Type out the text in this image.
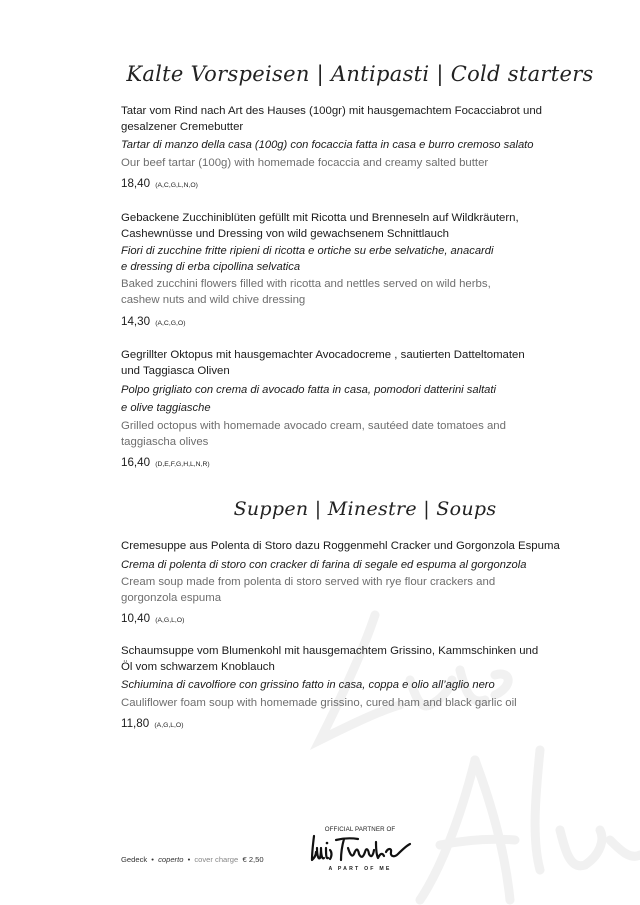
Kalte Vorspeisen | Antipasti | Cold starters
Tatar vom Rind nach Art des Hauses (100gr) mit hausgemachtem Focacciabrot und
gesalzener Cremebutter
Tartar di manzo della casa (100g) con focaccia fatta in casa e burro cremoso salato
Our beef tartar (100g) with homemade focaccia and creamy salted butter
18,40 (A,C,G,L,N,O)
Gebackene Zucchiniblüten gefüllt mit Ricotta und Brenneseln auf Wildkräutern,
Cashewnüsse und Dressing von wild gewachsenem Schnittlauch
Fiori di zucchine fritte ripieni di ricotta e ortiche su erbe selvatiche, anacardi
e dressing di erba cipollina selvatica
Baked zucchini flowers filled with ricotta and nettles served on wild herbs,
cashew nuts and wild chive dressing
14,30 (A,C,G,O)
Gegrillter Oktopus mit hausgemachter Avocadocreme , sautierten Datteltomaten
und Taggiasca Oliven
Polpo grigliato con crema di avocado fatta in casa, pomodori datterini saltati
e olive taggiasche
Grilled octopus with homemade avocado cream, sautéed date tomatoes and
taggiascha olives
16,40 (D,E,F,G,H,L,N,R)
Suppen | Minestre | Soups
Cremesuppe aus Polenta di Storo dazu Roggenmehl Cracker und Gorgonzola Espuma
Crema di polenta di storo con cracker di farina di segale ed espuma al gorgonzola
Cream soup made from polenta di storo served with rye flour crackers and
gorgonzola espuma
10,40 (A,G,L,O)
Schaumsuppe vom Blumenkohl mit hausgemachtem Grissino, Kammschinken und
Öl vom schwarzem Knoblauch
Schiumina di cavolfiore con grissino fatto in casa, coppa e olio all’aglio nero
Cauliflower foam soup with homemade grissino, cured ham and black garlic oil
11,80 (A,G,L,O)
Gedeck • coperto • cover charge € 2,50
OFFICIAL PARTNER OF
A PART OF ME
